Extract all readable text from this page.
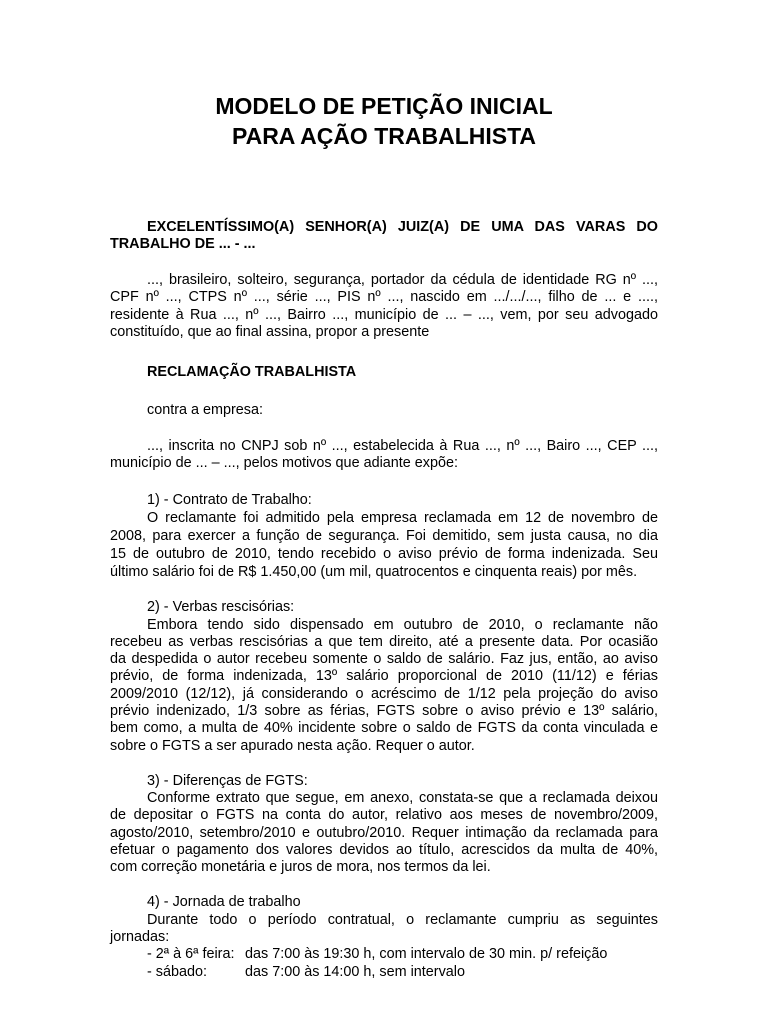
MODELO DE PETIÇÃO INICIAL
PARA AÇÃO TRABALHISTA
EXCELENTÍSSIMO(A) SENHOR(A) JUIZ(A) DE UMA DAS VARAS DO TRABALHO DE ... - ...
..., brasileiro, solteiro, segurança, portador da cédula de identidade RG nº ..., CPF nº ..., CTPS nº ..., série ..., PIS nº ..., nascido em .../.../..., filho de ... e ...., residente à Rua ..., nº ..., Bairro ..., município de ... – ..., vem, por seu advogado constituído, que ao final assina, propor a presente
RECLAMAÇÃO TRABALHISTA
contra a empresa:
..., inscrita no CNPJ sob nº ..., estabelecida à Rua ..., nº ..., Bairo ..., CEP ..., município de ... – ..., pelos motivos que adiante expõe:
1) - Contrato de Trabalho:
O reclamante foi admitido pela empresa reclamada em 12 de novembro de
2008, para exercer a função de segurança. Foi demitido, sem justa causa, no dia
15 de outubro de 2010, tendo recebido o aviso prévio de forma indenizada. Seu
último salário foi de R$ 1.450,00 (um mil, quatrocentos e cinquenta reais) por mês.
2) - Verbas rescisórias:
Embora tendo sido dispensado em outubro de 2010, o reclamante não
recebeu as verbas rescisórias a que tem direito, até a presente data. Por ocasião
da despedida o autor recebeu somente o saldo de salário. Faz jus, então, ao aviso
prévio, de forma indenizada, 13º salário proporcional de 2010 (11/12) e férias
2009/2010 (12/12), já considerando o acréscimo de 1/12 pela projeção do aviso
prévio indenizado, 1/3 sobre as férias, FGTS sobre o aviso prévio e 13º salário,
bem como, a multa de 40% incidente sobre o saldo de FGTS da conta vinculada e
sobre o FGTS a ser apurado nesta ação. Requer o autor.
3) - Diferenças de FGTS:
Conforme extrato que segue, em anexo, constata-se que a reclamada deixou
de depositar o FGTS na conta do autor, relativo aos meses de novembro/2009,
agosto/2010, setembro/2010 e outubro/2010. Requer intimação da reclamada para
efetuar o pagamento dos valores devidos ao título, acrescidos da multa de 40%,
com correção monetária e juros de mora, nos termos da lei.
4) - Jornada de trabalho
Durante todo o período contratual, o reclamante cumpriu as seguintes
jornadas:
- 2ª à 6ª feira: das 7:00 às 19:30 h, com intervalo de 30 min. p/ refeição
- sábado:	das 7:00 às 14:00 h, sem intervalo
